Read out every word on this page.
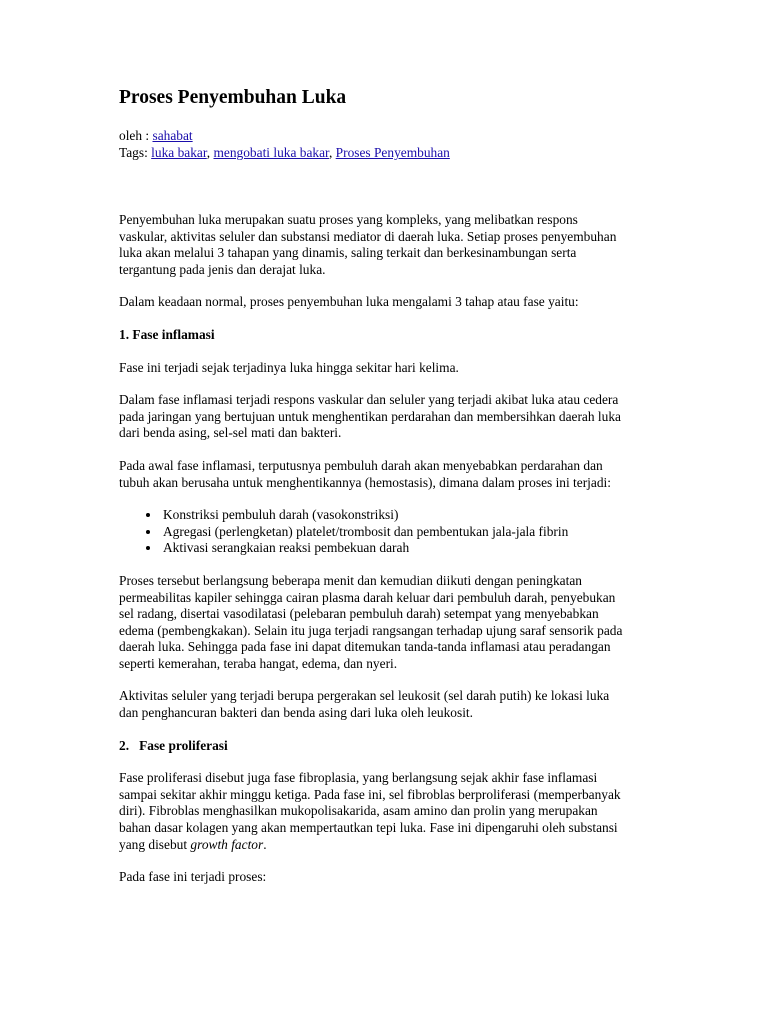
Proses Penyembuhan Luka
oleh : sahabat
Tags: luka bakar, mengobati luka bakar, Proses Penyembuhan

Penyembuhan luka merupakan suatu proses yang kompleks, yang melibatkan respons
vaskular, aktivitas seluler dan substansi mediator di daerah luka. Setiap proses penyembuhan
luka akan melalui 3 tahapan yang dinamis, saling terkait dan berkesinambungan serta
tergantung pada jenis dan derajat luka.

Dalam keadaan normal, proses penyembuhan luka mengalami 3 tahap atau fase yaitu:

1. Fase inflamasi

Fase ini terjadi sejak terjadinya luka hingga sekitar hari kelima.

Dalam fase inflamasi terjadi respons vaskular dan seluler yang terjadi akibat luka atau cedera
pada jaringan yang bertujuan untuk menghentikan perdarahan dan membersihkan daerah luka
dari benda asing, sel-sel mati dan bakteri.

Pada awal fase inflamasi, terputusnya pembuluh darah akan menyebabkan perdarahan dan
tubuh akan berusaha untuk menghentikannya (hemostasis), dimana dalam proses ini terjadi:

• Konstriksi pembuluh darah (vasokonstriksi)
• Agregasi (perlengketan) platelet/trombosit dan pembentukan jala-jala fibrin
• Aktivasi serangkaian reaksi pembekuan darah

Proses tersebut berlangsung beberapa menit dan kemudian diikuti dengan peningkatan
permeabilitas kapiler sehingga cairan plasma darah keluar dari pembuluh darah, penyebukan
sel radang, disertai vasodilatasi (pelebaran pembuluh darah) setempat yang menyebabkan
edema (pembengkakan). Selain itu juga terjadi rangsangan terhadap ujung saraf sensorik pada
daerah luka. Sehingga pada fase ini dapat ditemukan tanda-tanda inflamasi atau peradangan
seperti kemerahan, teraba hangat, edema, dan nyeri.

Aktivitas seluler yang terjadi berupa pergerakan sel leukosit (sel darah putih) ke lokasi luka
dan penghancuran bakteri dan benda asing dari luka oleh leukosit.

2.   Fase proliferasi

Fase proliferasi disebut juga fase fibroplasia, yang berlangsung sejak akhir fase inflamasi
sampai sekitar akhir minggu ketiga. Pada fase ini, sel fibroblas berproliferasi (memperbanyak
diri). Fibroblas menghasilkan mukopolisakarida, asam amino dan prolin yang merupakan
bahan dasar kolagen yang akan mempertautkan tepi luka. Fase ini dipengaruhi oleh substansi
yang disebut growth factor.

Pada fase ini terjadi proses:
